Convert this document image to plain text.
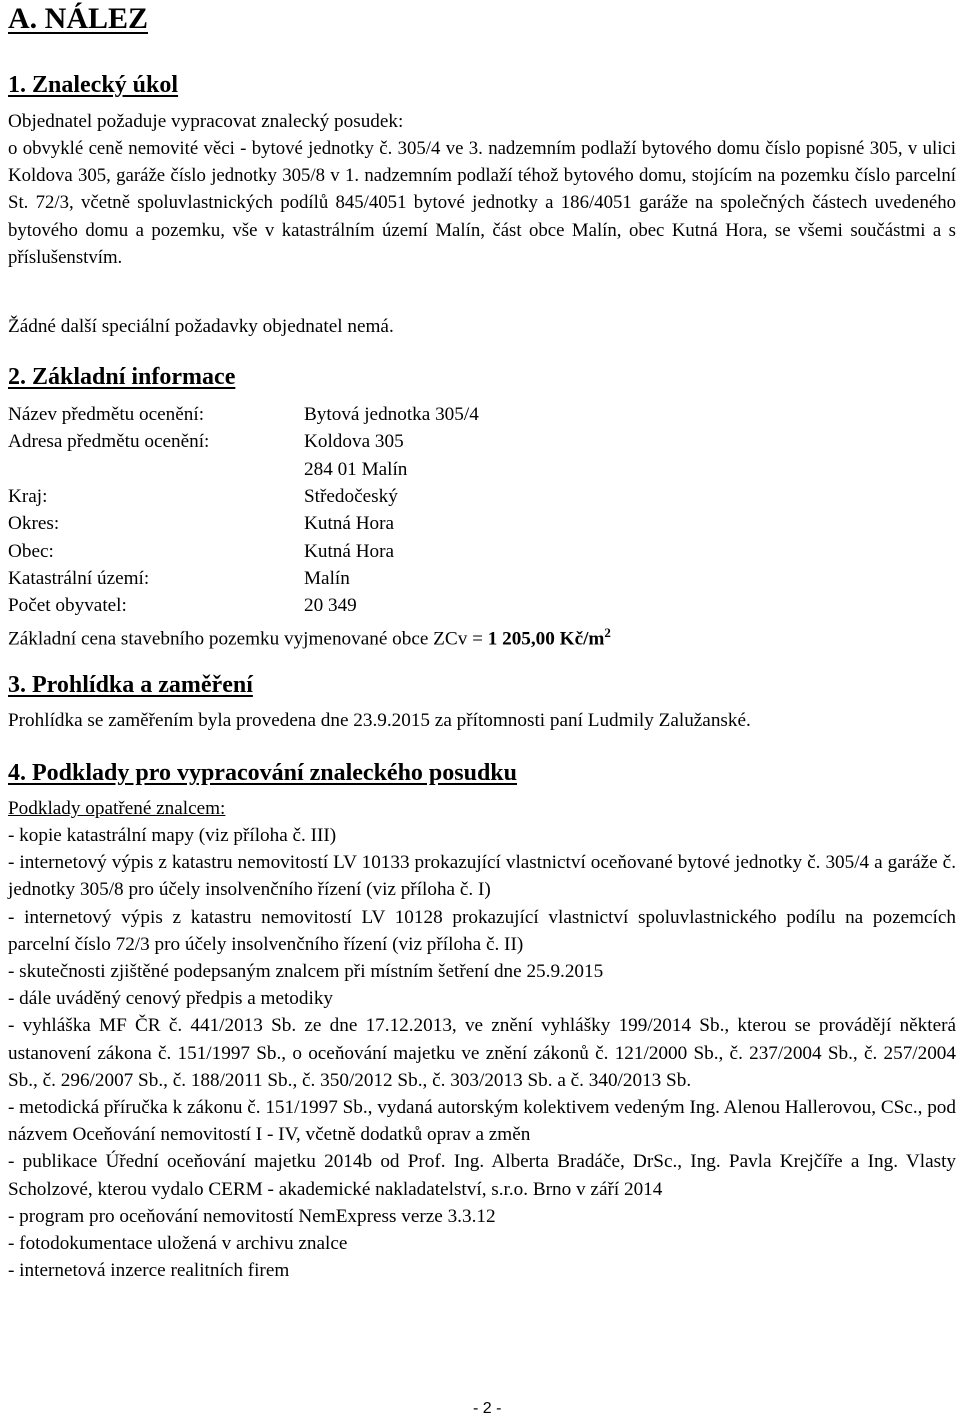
A. NÁLEZ
1. Znalecký úkol
Objednatel požaduje vypracovat znalecký posudek:
o obvyklé ceně nemovité věci - bytové jednotky č. 305/4 ve 3. nadzemním podlaží bytového domu číslo popisné 305, v ulici Koldova 305, garáže číslo jednotky 305/8 v 1. nadzemním podlaží téhož bytového domu, stojícím na pozemku číslo parcelní St. 72/3, včetně spoluvlastnických podílů 845/4051 bytové jednotky a 186/4051 garáže na společných částech uvedeného bytového domu a pozemku, vše v katastrálním území Malín, část obce Malín, obec Kutná Hora, se všemi součástmi a s příslušenstvím.
Žádné další speciální požadavky objednatel nemá.
2. Základní informace
Název předmětu ocenění:	Bytová jednotka 305/4
Adresa předmětu ocenění:	Koldova 305
284 01 Malín
Kraj:	Středočeský
Okres:	Kutná Hora
Obec:	Kutná Hora
Katastrální území:	Malín
Počet obyvatel:	20 349
Základní cena stavebního pozemku vyjmenované obce ZCv = 1 205,00 $Kč/m^2$
3. Prohlídka a zaměření
Prohlídka se zaměřením byla provedena dne 23.9.2015 za přítomnosti paní Ludmily Zalužanské.
4. Podklady pro vypracování znaleckého posudku
Podklady opatřené znalcem:
- kopie katastrální mapy (viz příloha č. III)
- internetový výpis z katastru nemovitostí LV 10133 prokazující vlastnictví oceňované bytové jednotky č. 305/4 a garáže č. jednotky 305/8 pro účely insolvenčního řízení (viz příloha č. I)
- internetový výpis z katastru nemovitostí LV 10128 prokazující vlastnictví spoluvlastnického podílu na pozemcích parcelní číslo 72/3 pro účely insolvenčního řízení (viz příloha č. II)
- skutečnosti zjištěné podepsaným znalcem při místním šetření dne 25.9.2015
- dále uváděný cenový předpis a metodiky
- vyhláška MF ČR č. 441/2013 Sb. ze dne 17.12.2013, ve znění vyhlášky 199/2014 Sb., kterou se provádějí některá ustanovení zákona č. 151/1997 Sb., o oceňování majetku ve znění zákonů č. 121/2000 Sb., č. 237/2004 Sb., č. 257/2004 Sb., č. 296/2007 Sb., č. 188/2011 Sb., č. 350/2012 Sb., č. 303/2013 Sb. a č. 340/2013 Sb.
- metodická příručka k zákonu č. 151/1997 Sb., vydaná autorským kolektivem vedeným Ing. Alenou Hallerovou, CSc., pod názvem Oceňování nemovitostí I - IV, včetně dodatků oprav a změn
- publikace Úřední oceňování majetku 2014b od Prof. Ing. Alberta Bradáče, DrSc., Ing. Pavla Krejčíře a Ing. Vlasty Scholzové, kterou vydalo CERM - akademické nakladatelství, s.r.o. Brno v září 2014
- program pro oceňování nemovitostí NemExpress verze 3.3.12
- fotodokumentace uložená v archivu znalce
- internetová inzerce realitních firem
- 2 -
